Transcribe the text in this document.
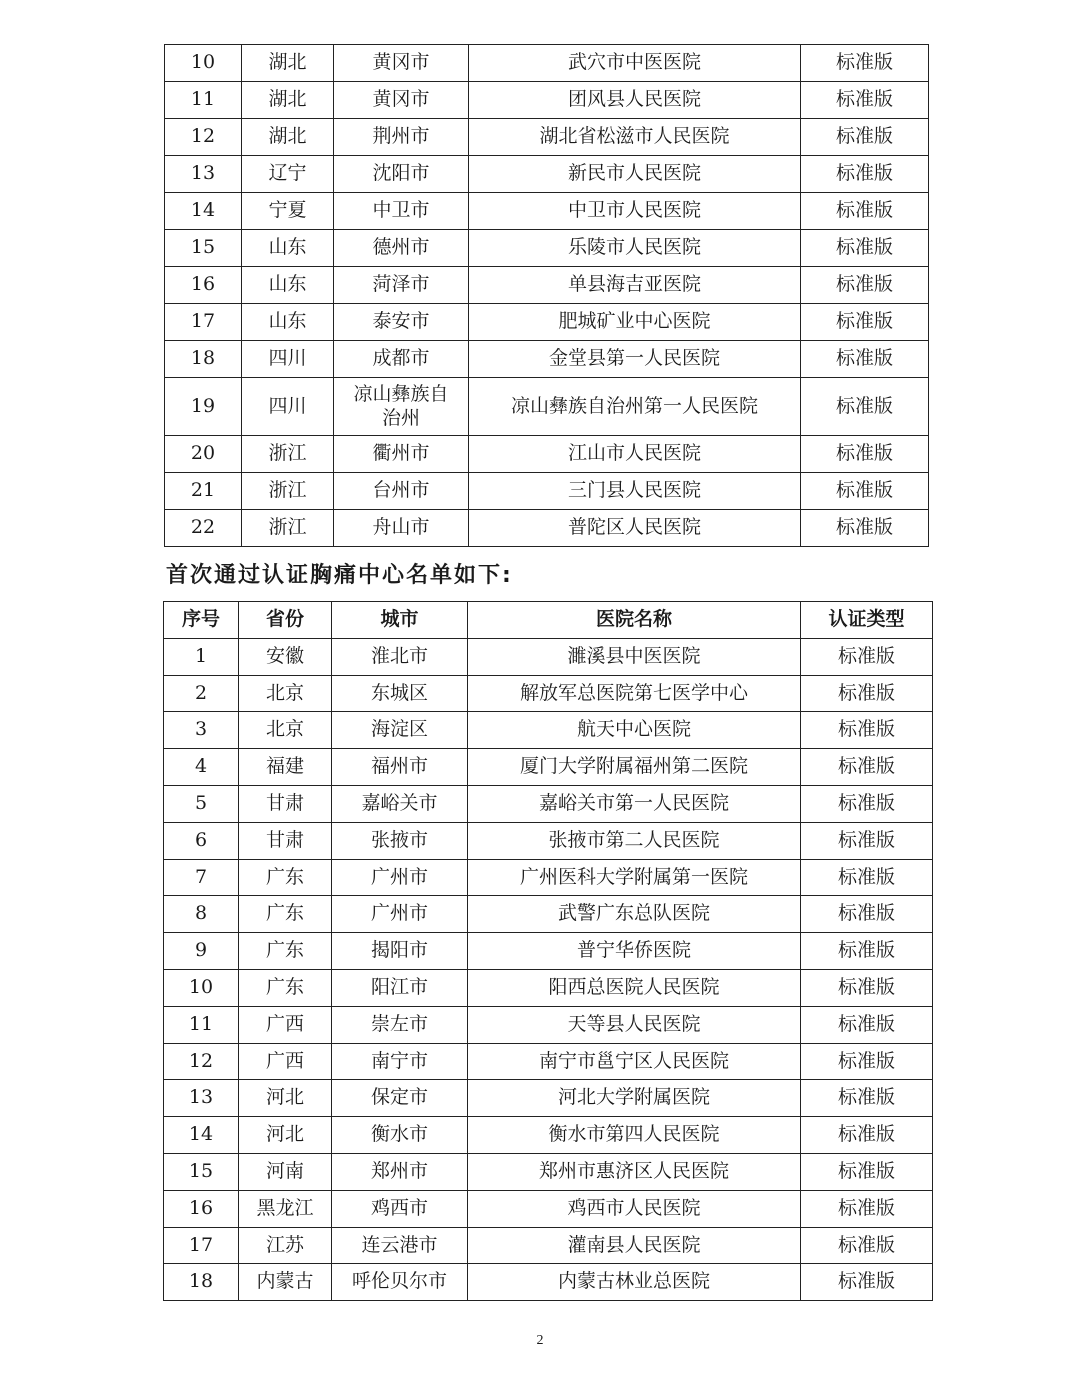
10	湖北	黄冈市	武穴市中医医院	标准版
11	湖北	黄冈市	团风县人民医院	标准版
12	湖北	荆州市	湖北省松滋市人民医院	标准版
13	辽宁	沈阳市	新民市人民医院	标准版
14	宁夏	中卫市	中卫市人民医院	标准版
15	山东	德州市	乐陵市人民医院	标准版
16	山东	菏泽市	单县海吉亚医院	标准版
17	山东	泰安市	肥城矿业中心医院	标准版
18	四川	成都市	金堂县第一人民医院	标准版
19	四川	凉山彝族自治州	凉山彝族自治州第一人民医院	标准版
20	浙江	衢州市	江山市人民医院	标准版
21	浙江	台州市	三门县人民医院	标准版
22	浙江	舟山市	普陀区人民医院	标准版
首次通过认证胸痛中心名单如下:
序号	省份	城市	医院名称	认证类型
1	安徽	淮北市	濉溪县中医医院	标准版
2	北京	东城区	解放军总医院第七医学中心	标准版
3	北京	海淀区	航天中心医院	标准版
4	福建	福州市	厦门大学附属福州第二医院	标准版
5	甘肃	嘉峪关市	嘉峪关市第一人民医院	标准版
6	甘肃	张掖市	张掖市第二人民医院	标准版
7	广东	广州市	广州医科大学附属第一医院	标准版
8	广东	广州市	武警广东总队医院	标准版
9	广东	揭阳市	普宁华侨医院	标准版
10	广东	阳江市	阳西总医院人民医院	标准版
11	广西	崇左市	天等县人民医院	标准版
12	广西	南宁市	南宁市邕宁区人民医院	标准版
13	河北	保定市	河北大学附属医院	标准版
14	河北	衡水市	衡水市第四人民医院	标准版
15	河南	郑州市	郑州市惠济区人民医院	标准版
16	黑龙江	鸡西市	鸡西市人民医院	标准版
17	江苏	连云港市	灌南县人民医院	标准版
18	内蒙古	呼伦贝尔市	内蒙古林业总医院	标准版
2
